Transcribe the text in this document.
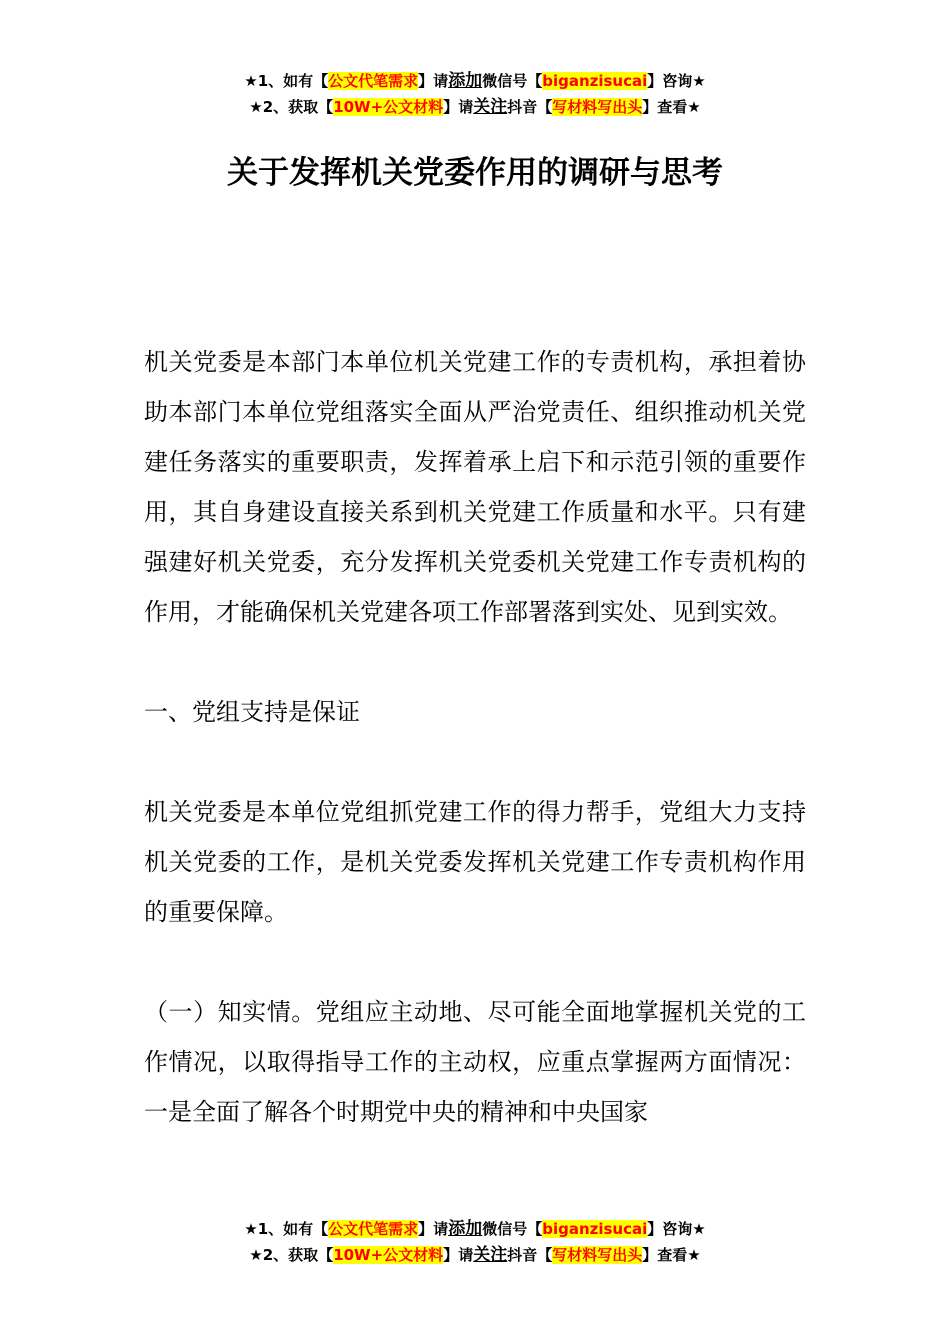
★1、如有【公文代笔需求】请添加微信号【biganzisucai】咨询★
★2、获取【10W+公文材料】请关注抖音【写材料写出头】查看★
关于发挥机关党委作用的调研与思考

机关党委是本部门本单位机关党建工作的专责机构，承担着协助本部门本单位党组落实全面从严治党责任、组织推动机关党建任务落实的重要职责，发挥着承上启下和示范引领的重要作用，其自身建设直接关系到机关党建工作质量和水平。只有建强建好机关党委，充分发挥机关党委机关党建工作专责机构的作用，才能确保机关党建各项工作部署落到实处、见到实效。

一、党组支持是保证

机关党委是本单位党组抓党建工作的得力帮手，党组大力支持机关党委的工作，是机关党委发挥机关党建工作专责机构作用的重要保障。

（一）知实情。党组应主动地、尽可能全面地掌握机关党的工作情况，以取得指导工作的主动权，应重点掌握两方面情况：一是全面了解各个时期党中央的精神和中央国家

★1、如有【公文代笔需求】请添加微信号【biganzisucai】咨询★
★2、获取【10W+公文材料】请关注抖音【写材料写出头】查看★
